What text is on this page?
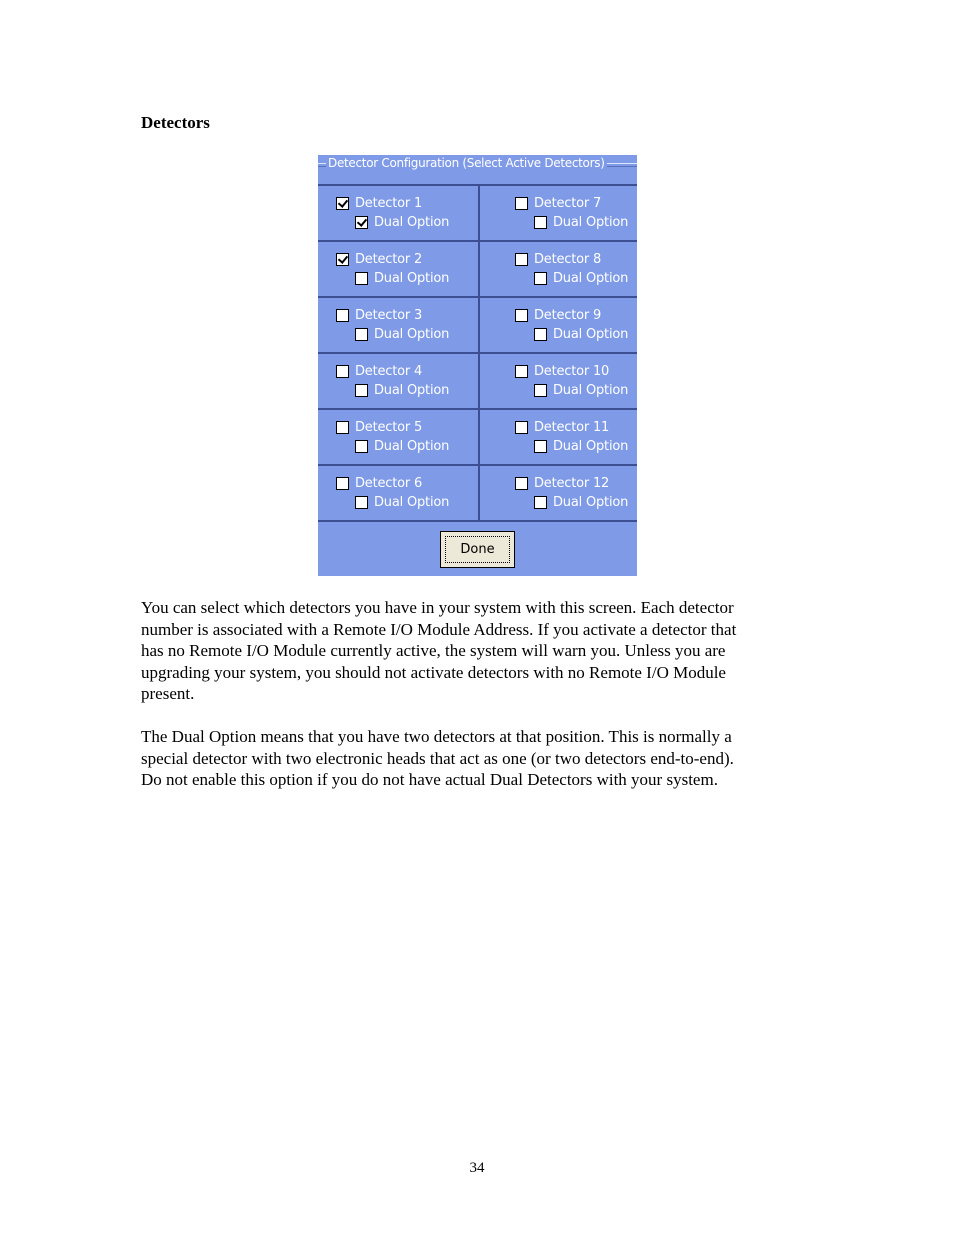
Detectors
Detector Configuration (Select Active Detectors)
Detector 1
Dual Option
Detector 2
Dual Option
Detector 3
Dual Option
Detector 4
Dual Option
Detector 5
Dual Option
Detector 6
Dual Option
Detector 7
Dual Option
Detector 8
Dual Option
Detector 9
Dual Option
Detector 10
Dual Option
Detector 11
Dual Option
Detector 12
Dual Option
Done

You can select which detectors you have in your system with this screen. Each detector
number is associated with a Remote I/O Module Address. If you activate a detector that
has no Remote I/O Module currently active, the system will warn you. Unless you are
upgrading your system, you should not activate detectors with no Remote I/O Module
present.

The Dual Option means that you have two detectors at that position. This is normally a
special detector with two electronic heads that act as one (or two detectors end-to-end).
Do not enable this option if you do not have actual Dual Detectors with your system.

34
